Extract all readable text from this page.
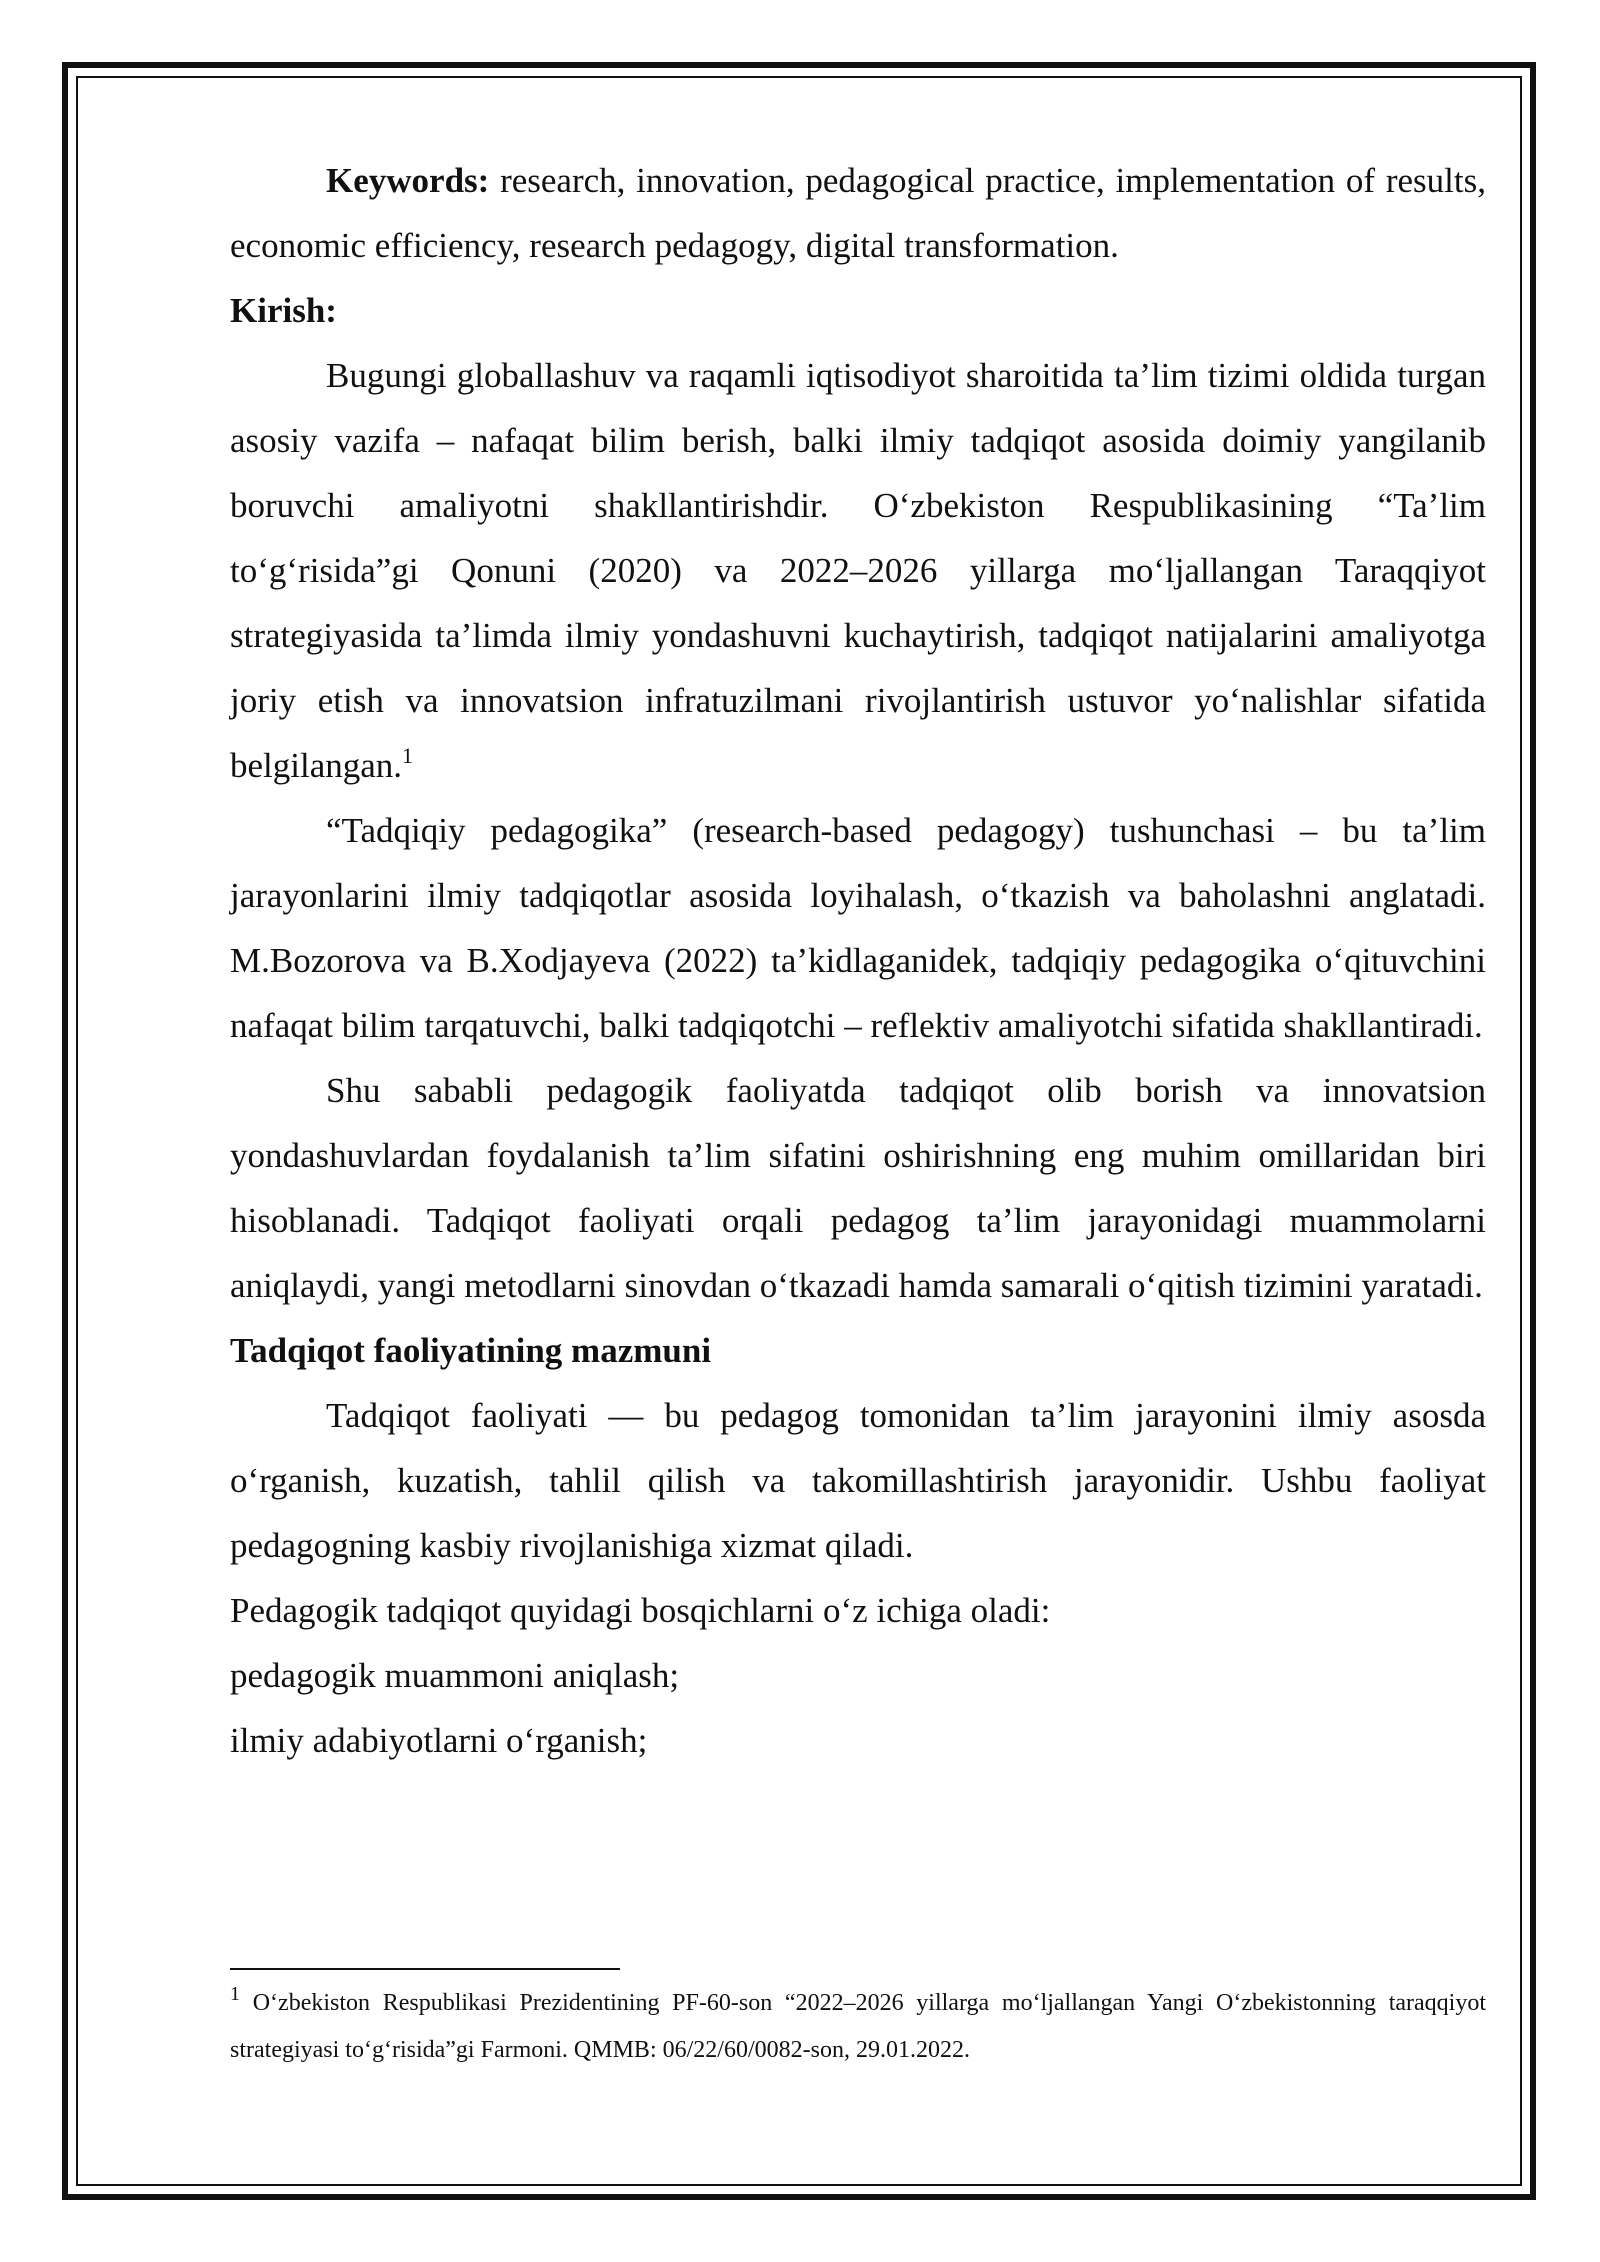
Keywords: research, innovation, pedagogical practice, implementation of results, economic efficiency, research pedagogy, digital transformation.

Kirish:

Bugungi globallashuv va raqamli iqtisodiyot sharoitida ta’lim tizimi oldida turgan asosiy vazifa – nafaqat bilim berish, balki ilmiy tadqiqot asosida doimiy yangilanib boruvchi amaliyotni shakllantirishdir. O‘zbekiston Respublikasining “Ta’lim to‘g‘risida”gi Qonuni (2020) va 2022–2026 yillarga mo‘ljallangan Taraqqiyot strategiyasida ta’limda ilmiy yondashuvni kuchaytirish, tadqiqot natijalarini amaliyotga joriy etish va innovatsion infratuzilmani rivojlantirish ustuvor yo‘nalishlar sifatida belgilangan.$^1$

“Tadqiqiy pedagogika” (research-based pedagogy) tushunchasi – bu ta’lim jarayonlarini ilmiy tadqiqotlar asosida loyihalash, o‘tkazish va baholashni anglatadi. M.Bozorova va B.Xodjayeva (2022) ta’kidlaganidek, tadqiqiy pedagogika o‘qituvchini nafaqat bilim tarqatuvchi, balki tadqiqotchi – reflektiv amaliyotchi sifatida shakllantiradi.

Shu sababli pedagogik faoliyatda tadqiqot olib borish va innovatsion yondashuvlardan foydalanish ta’lim sifatini oshirishning eng muhim omillaridan biri hisoblanadi. Tadqiqot faoliyati orqali pedagog ta’lim jarayonidagi muammolarni aniqlaydi, yangi metodlarni sinovdan o‘tkazadi hamda samarali o‘qitish tizimini yaratadi.

Tadqiqot faoliyatining mazmuni

Tadqiqot faoliyati — bu pedagog tomonidan ta’lim jarayonini ilmiy asosda o‘rganish, kuzatish, tahlil qilish va takomillashtirish jarayonidir. Ushbu faoliyat pedagogning kasbiy rivojlanishiga xizmat qiladi.

Pedagogik tadqiqot quyidagi bosqichlarni o‘z ichiga oladi:

pedagogik muammoni aniqlash;

ilmiy adabiyotlarni o‘rganish;

$^1$ O‘zbekiston Respublikasi Prezidentining PF-60-son “2022–2026 yillarga mo‘ljallangan Yangi O‘zbekistonning taraqqiyot strategiyasi to‘g‘risida”gi Farmoni. QMMB: 06/22/60/0082-son, 29.01.2022.
